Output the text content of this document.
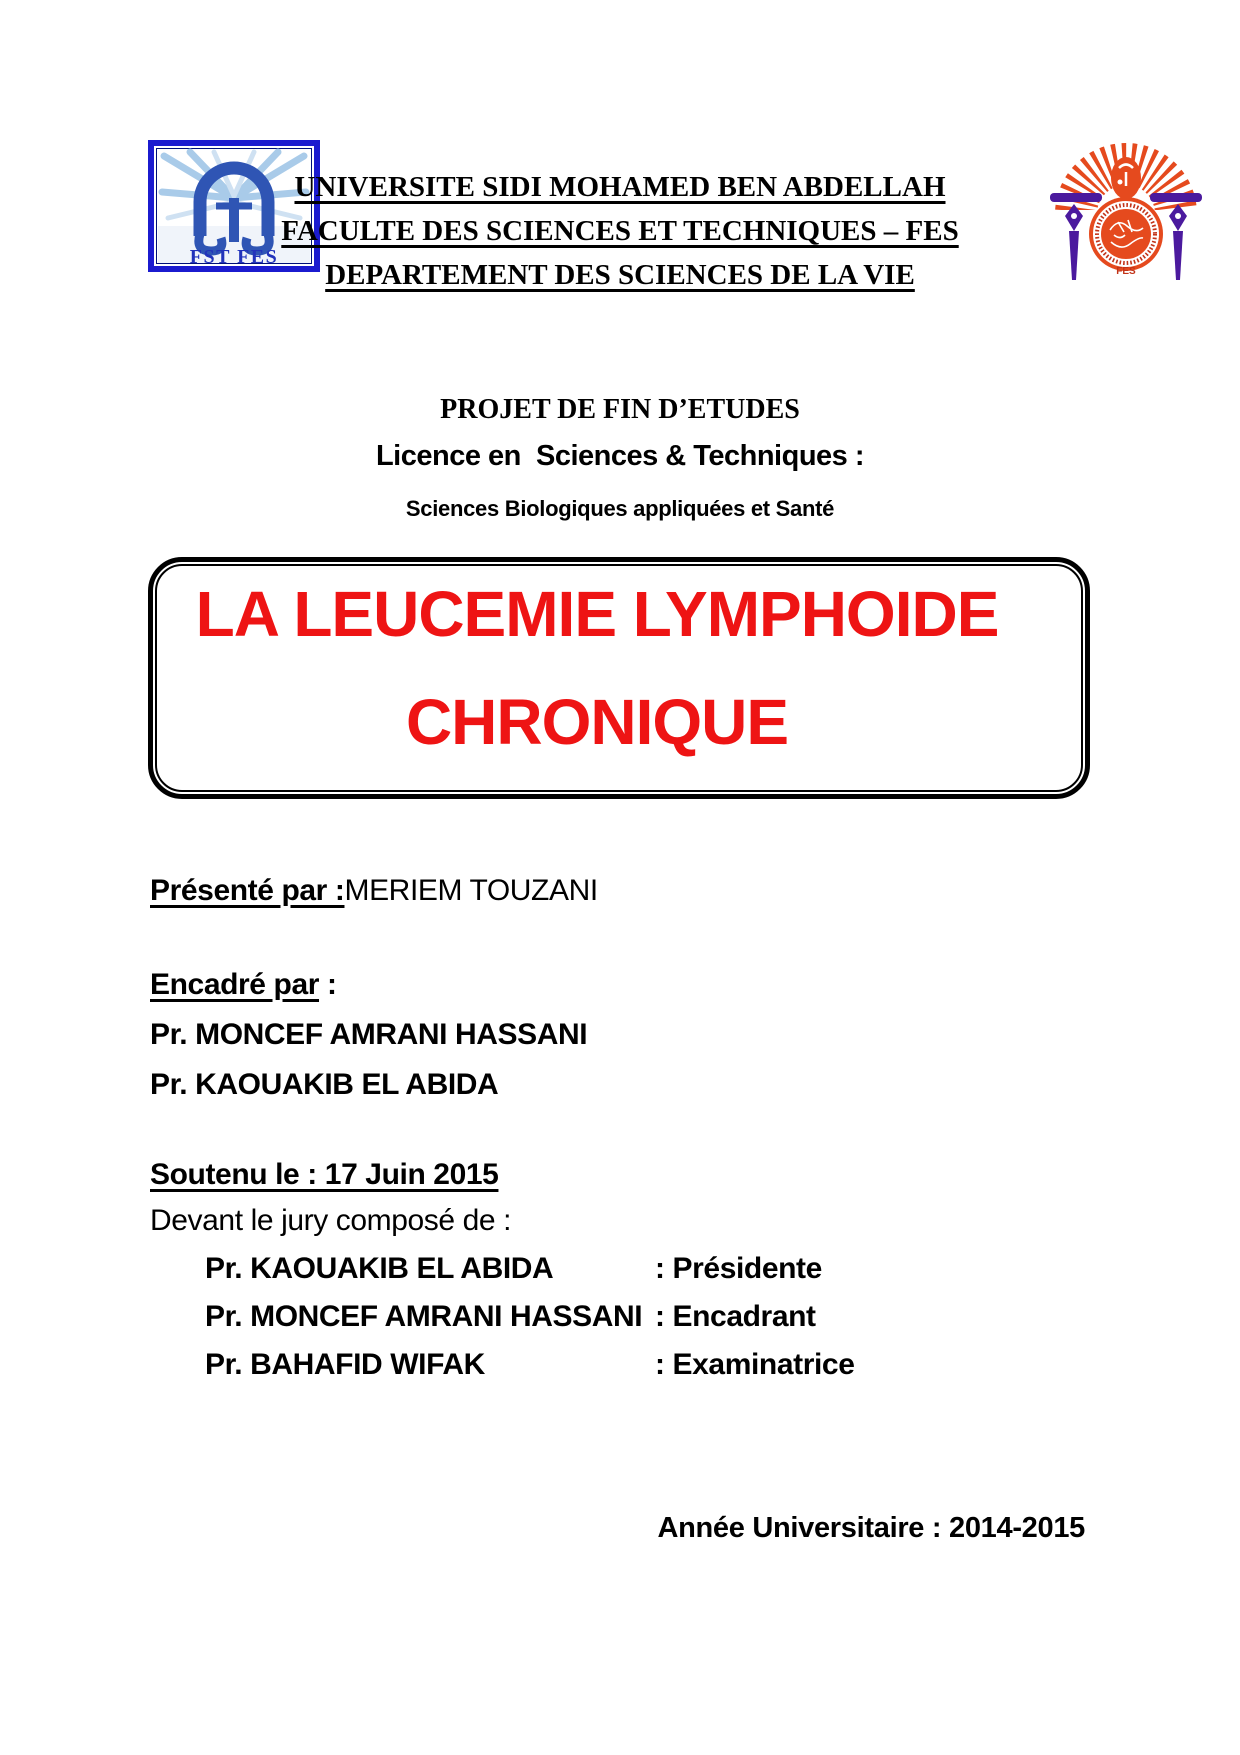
FST FES
UNIVERSITE SIDI MOHAMED BEN ABDELLAH
FACULTE DES SCIENCES ET TECHNIQUES – FES
DEPARTEMENT DES SCIENCES DE LA VIE	FES
PROJET DE FIN D’ETUDES
Licence en  Sciences & Techniques :
Sciences Biologiques appliquées et Santé
LA LEUCEMIE LYMPHOIDE
CHRONIQUE
Présenté par :MERIEM TOUZANI
Encadré par :
Pr. MONCEF AMRANI HASSANI
Pr. KAOUAKIB EL ABIDA
Soutenu le : 17 Juin 2015
Devant le jury composé de :
Pr. KAOUAKIB EL ABIDA	: Présidente
Pr. MONCEF AMRANI HASSANI : Encadrant
Pr. BAHAFID WIFAK	: Examinatrice
Année Universitaire : 2014-2015
